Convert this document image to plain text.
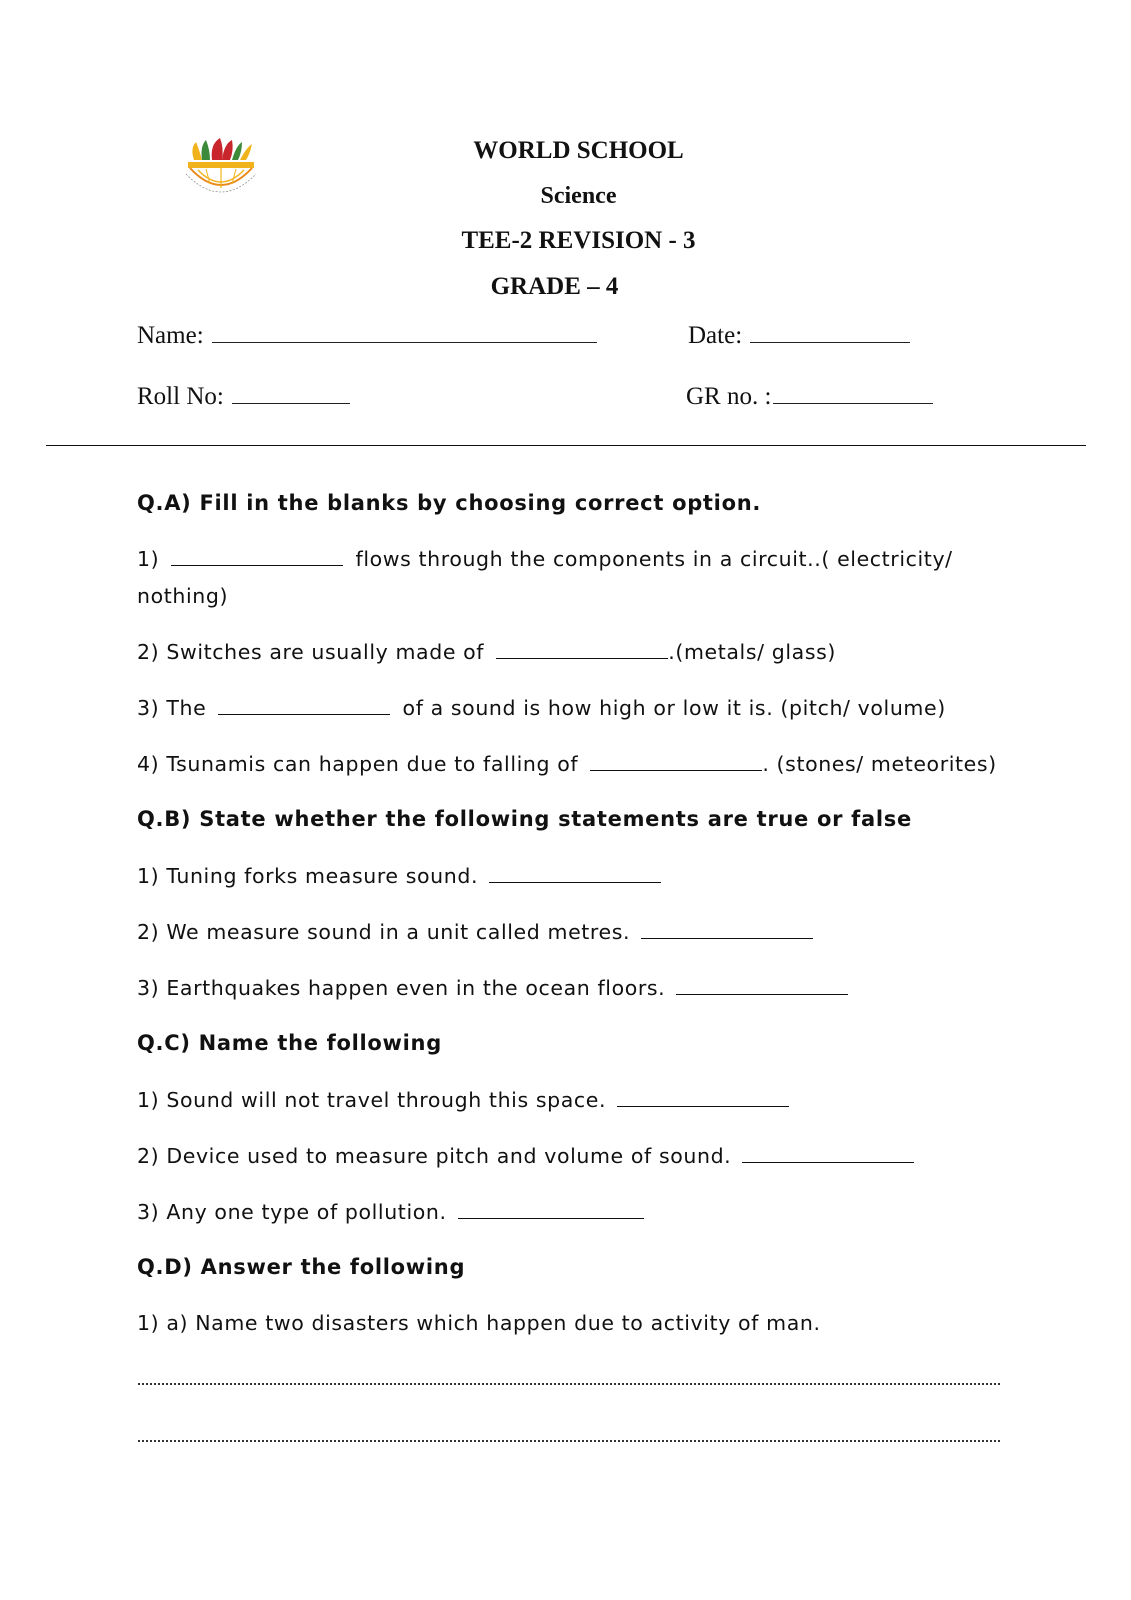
WORLD SCHOOL
Science
TEE-2 REVISION - 3
GRADE – 4
Name:	Date:
Roll No:	GR no. :
Q.A) Fill in the blanks by choosing correct option.
1)	flows through the components in a circuit..( electricity/
nothing)
2) Switches are usually made of	.(metals/ glass)
3) The	of a sound is how high or low it is. (pitch/ volume)
4) Tsunamis can happen due to falling of	. (stones/ meteorites)
Q.B) State whether the following statements are true or false
1) Tuning forks measure sound.
2) We measure sound in a unit called metres.
3) Earthquakes happen even in the ocean floors.
Q.C) Name the following
1) Sound will not travel through this space.
2) Device used to measure pitch and volume of sound.
3) Any one type of pollution.
Q.D) Answer the following
1) a) Name two disasters which happen due to activity of man.
